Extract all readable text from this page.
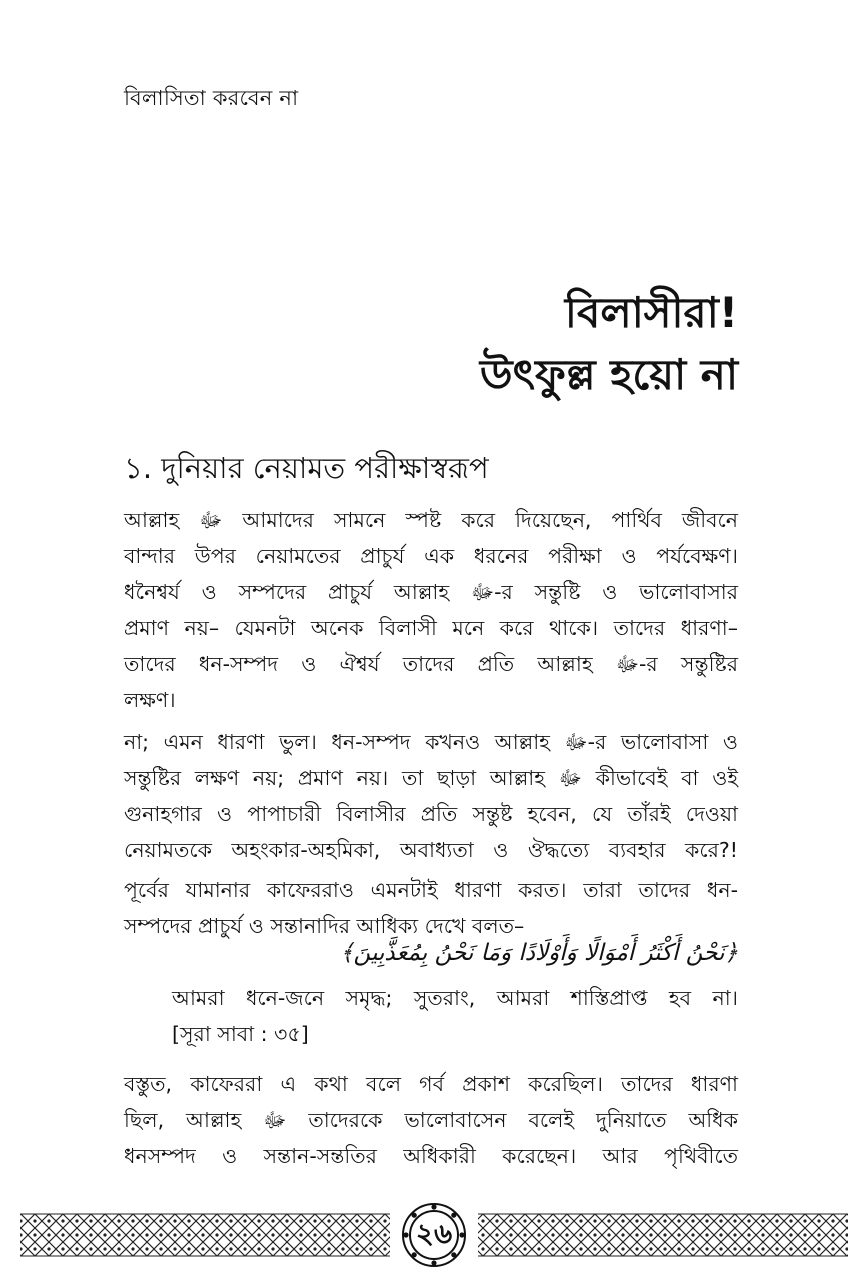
বিলাসিতা করবেন না
বিলাসীরা!
উৎফুল্ল হয়ো না
১. দুনিয়ার নেয়ামত পরীক্ষাস্বরূপ
আল্লাহ ﷻ আমাদের সামনে স্পষ্ট করে দিয়েছেন, পার্থিব জীবনে
বান্দার উপর নেয়ামতের প্রাচুর্য এক ধরনের পরীক্ষা ও পর্যবেক্ষণ।
ধনৈশ্বর্য ও সম্পদের প্রাচুর্য আল্লাহ ﷻ-র সন্তুষ্টি ও ভালোবাসার
প্রমাণ নয়– যেমনটা অনেক বিলাসী মনে করে থাকে। তাদের ধারণা–
তাদের ধন-সম্পদ ও ঐশ্বর্য তাদের প্রতি আল্লাহ ﷻ-র সন্তুষ্টির
লক্ষণ।
না; এমন ধারণা ভুল। ধন-সম্পদ কখনও আল্লাহ ﷻ-র ভালোবাসা ও
সন্তুষ্টির লক্ষণ নয়; প্রমাণ নয়। তা ছাড়া আল্লাহ ﷻ কীভাবেই বা ওই
গুনাহগার ও পাপাচারী বিলাসীর প্রতি সন্তুষ্ট হবেন, যে তাঁরই দেওয়া
নেয়ামতকে অহংকার-অহমিকা, অবাধ্যতা ও ঔদ্ধত্যে ব্যবহার করে?!
পূর্বের যামানার কাফেররাও এমনটাই ধারণা করত। তারা তাদের ধন-
সম্পদের প্রাচুর্য ও সন্তানাদির আধিক্য দেখে বলত–
﴿نَحْنُ أَكْثَرُ أَمْوَالًا وَأَوْلَادًا وَمَا نَحْنُ بِمُعَذَّبِينَ﴾
আমরা ধনে-জনে সমৃদ্ধ; সুতরাং, আমরা শাস্তিপ্রাপ্ত হব না।
[সূরা সাবা : ৩৫]
বস্তুত, কাফেররা এ কথা বলে গর্ব প্রকাশ করেছিল। তাদের ধারণা
ছিল, আল্লাহ ﷻ তাদেরকে ভালোবাসেন বলেই দুনিয়াতে অধিক
ধনসম্পদ ও সন্তান-সন্ততির অধিকারী করেছেন। আর পৃথিবীতে
২৬
